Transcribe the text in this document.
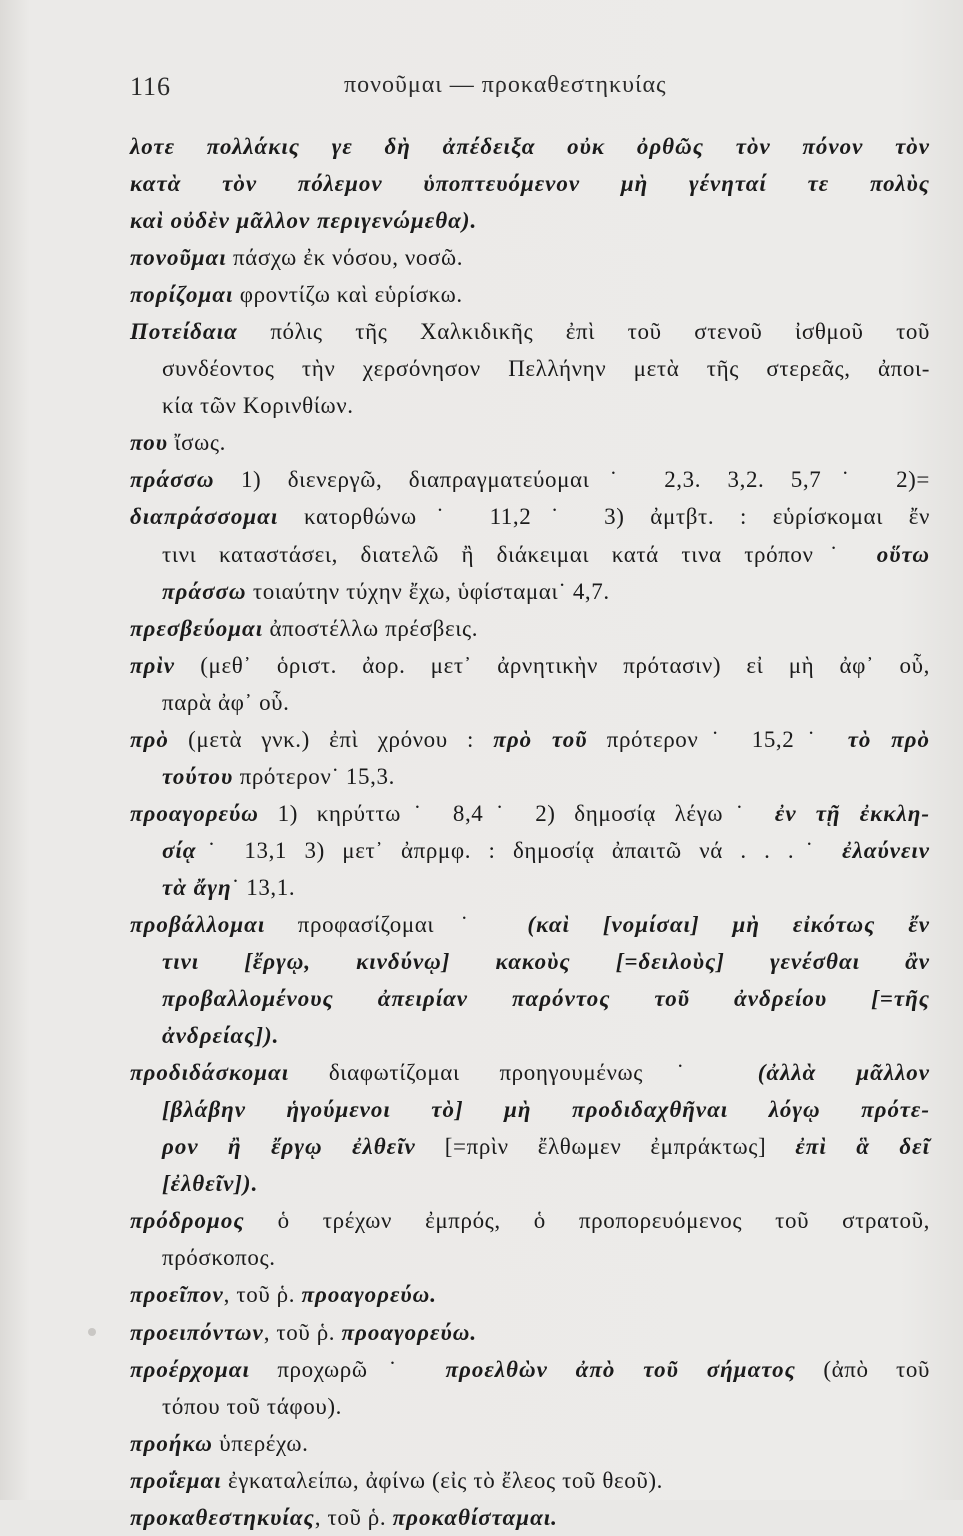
116	πονοῦμαι — προκαθεστηκυίας
λοτε πολλάκις γε δὴ ἀπέδειξα οὐκ ὀρθῶς τὸν πόνον τὸν
κατὰ τὸν πόλεμον ὑποπτευόμενον μὴ γένηταί τε πολὺς
καὶ οὐδὲν μᾶλλον περιγενώμεθα).
πονοῦμαι πάσχω ἐκ νόσου, νοσῶ.
πορίζομαι φροντίζω καὶ εὑρίσκω.
Ποτείδαια πόλις τῆς Χαλκιδικῆς ἐπὶ τοῦ στενοῦ ἰσθμοῦ τοῦ
συνδέοντος τὴν χερσόνησον Πελλήνην μετὰ τῆς στερεᾶς, ἀποι-
κία τῶν Κορινθίων.
που ἴσως.
πράσσω 1) διενεργῶ, διαπραγματεύομαι˙ 2,3. 3,2. 5,7˙ 2)=
διαπράσσομαι κατορθώνω˙ 11,2˙ 3) ἀμτβτ. : εὑρίσκομαι ἔν
τινι καταστάσει, διατελῶ ἢ διάκειμαι κατά τινα τρόπον˙ οὕτω
πράσσω τοιαύτην τύχην ἔχω, ὑφίσταμαι˙ 4,7.
πρεσβεύομαι ἀποστέλλω πρέσβεις.
πρὶν (μεθ᾽ ὁριστ. ἀορ. μετ᾽ ἀρνητικὴν πρότασιν) εἰ μὴ ἀφ᾽ οὗ,
παρὰ ἀφ᾽ οὗ.
πρὸ (μετὰ γνκ.) ἐπὶ χρόνου : πρὸ τοῦ πρότερον˙ 15,2˙ τὸ πρὸ
τούτου πρότερον˙ 15,3.
προαγορεύω 1) κηρύττω˙ 8,4˙ 2) δημοσίᾳ λέγω˙ ἐν τῇ ἐκκλη-
σίᾳ˙ 13,1 3) μετ᾽ ἀπρμφ. : δημοσίᾳ ἀπαιτῶ νά . . .˙ ἐλαύνειν
τὰ ἄγη˙ 13,1.
προβάλλομαι προφασίζομαι˙ (καὶ [νομίσαι] μὴ εἰκότως ἔν
τινι [ἔργῳ, κινδύνῳ] κακοὺς [=δειλοὺς] γενέσθαι ἂν
προβαλλομένους ἀπειρίαν παρόντος τοῦ ἀνδρείου [=τῆς
ἀνδρείας]).
προδιδάσκομαι διαφωτίζομαι προηγουμένως˙ (ἀλλὰ μᾶλλον
[βλάβην ἡγούμενοι τὸ] μὴ προδιδαχθῆναι λόγῳ πρότε-
ρον ἢ ἔργῳ ἐλθεῖν [=πρὶν ἔλθωμεν ἐμπράκτως] ἐπὶ ἃ δεῖ
[ἐλθεῖν]).
πρόδρομος ὁ τρέχων ἐμπρός, ὁ προπορευόμενος τοῦ στρατοῦ,
πρόσκοπος.
προεῖπον, τοῦ ῥ. προαγορεύω.
προειπόντων, τοῦ ῥ. προαγορεύω.
προέρχομαι προχωρῶ˙ προελθὼν ἀπὸ τοῦ σήματος (ἀπὸ τοῦ
τόπου τοῦ τάφου).
προήκω ὑπερέχω.
προΐεμαι ἐγκαταλείπω, ἀφίνω (εἰς τὸ ἔλεος τοῦ θεοῦ).
προκαθεστηκυίας, τοῦ ῥ. προκαθίσταμαι.
